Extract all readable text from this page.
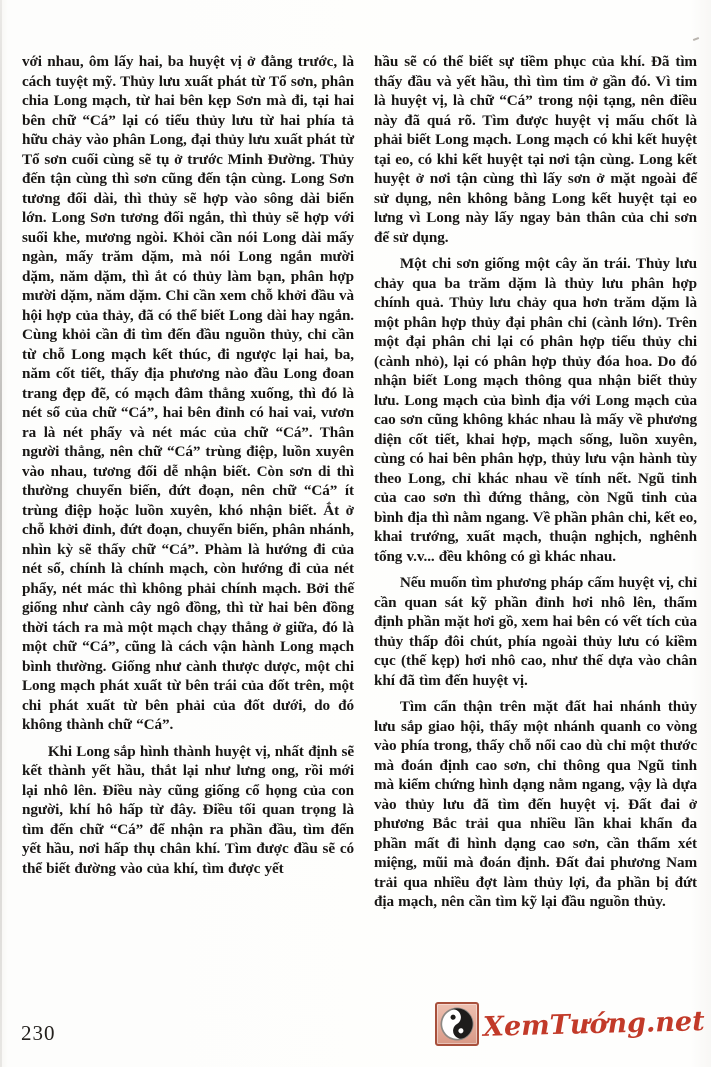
với nhau, ôm lấy hai, ba huyệt vị ở đằng trước, là cách tuyệt mỹ. Thủy lưu xuất phát từ Tổ sơn, phân chia Long mạch, từ hai bên kẹp Sơn mà đi, tại hai bên chữ “Cá” lại có tiểu thủy lưu từ hai phía tả hữu chảy vào phân Long, đại thủy lưu xuất phát từ Tổ sơn cuối cùng sẽ tụ ở trước Minh Đường. Thủy đến tận cùng thì sơn cũng đến tận cùng. Long Sơn tương đối dài, thì thủy sẽ hợp vào sông dài biển lớn. Long Sơn tương đối ngắn, thì thủy sẽ hợp với suối khe, mương ngòi. Khỏi cần nói Long dài mấy ngàn, mấy trăm dặm, mà nói Long ngắn mười dặm, năm dặm, thì ắt có thủy làm bạn, phân hợp mười dặm, năm dặm. Chỉ cần xem chỗ khởi đầu và hội hợp của thảy, đã có thể biết Long dài hay ngắn. Cùng khỏi cần đi tìm đến đầu nguồn thủy, chỉ cần từ chỗ Long mạch kết thúc, đi ngược lại hai, ba, năm cốt tiết, thấy địa phương nào đầu Long đoan trang đẹp đẽ, có mạch đâm thẳng xuống, thì đó là nét sổ của chữ “Cá”, hai bên đỉnh có hai vai, vươn ra là nét phẩy và nét mác của chữ “Cá”. Thân người thẳng, nên chữ “Cá” trùng điệp, luồn xuyên vào nhau, tương đối dễ nhận biết. Còn sơn di thì thường chuyển biến, đứt đoạn, nên chữ “Cá” ít trùng điệp hoặc luồn xuyên, khó nhận biết. Ắt ở chỗ khởi đỉnh, đứt đoạn, chuyển biến, phân nhánh, nhìn kỳ sẽ thấy chữ “Cá”. Phàm là hướng đi của nét sổ, chính là chính mạch, còn hướng đi của nét phẩy, nét mác thì không phải chính mạch. Bởi thế giống như cành cây ngô đồng, thì từ hai bên đồng thời tách ra mà một mạch chạy thẳng ở giữa, đó là một chữ “Cá”, cũng là cách vận hành Long mạch bình thường. Giống như cành thược dược, một chi Long mạch phát xuất từ bên trái của đốt trên, một chi phát xuất từ bên phải của đốt dưới, do đó không thành chữ “Cá”.

Khi Long sắp hình thành huyệt vị, nhất định sẽ kết thành yết hầu, thắt lại như lưng ong, rồi mới lại nhô lên. Điều này cũng giống cổ họng của con người, khí hô hấp từ đây. Điều tối quan trọng là tìm đến chữ “Cá” để nhận ra phần đầu, tìm đến yết hầu, nơi hấp thụ chân khí. Tìm được đầu sẽ có thể biết đường vào của khí, tìm được yết

hầu sẽ có thể biết sự tiềm phục của khí. Đã tìm thấy đầu và yết hầu, thì tìm tim ở gần đó. Vì tim là huyệt vị, là chữ “Cá” trong nội tạng, nên điều này đã quá rõ. Tìm được huyệt vị mấu chốt là phải biết Long mạch. Long mạch có khi kết huyệt tại eo, có khi kết huyệt tại nơi tận cùng. Long kết huyệt ở nơi tận cùng thì lấy sơn ở mặt ngoài để sử dụng, nên không bằng Long kết huyệt tại eo lưng vì Long này lấy ngay bản thân của chi sơn để sử dụng.

Một chi sơn giống một cây ăn trái. Thủy lưu chảy qua ba trăm dặm là thủy lưu phân hợp chính quả. Thủy lưu chảy qua hơn trăm dặm là một phân hợp thủy đại phân chi (cành lớn). Trên một đại phân chi lại có phân hợp tiểu thủy chi (cành nhỏ), lại có phân hợp thủy đóa hoa. Do đó nhận biết Long mạch thông qua nhận biết thủy lưu. Long mạch của bình địa với Long mạch của cao sơn cũng không khác nhau là mấy về phương diện cốt tiết, khai hợp, mạch sống, luồn xuyên, cùng có hai bên phân hợp, thủy lưu vận hành tùy theo Long, chỉ khác nhau về tính nết. Ngũ tinh của cao sơn thì đứng thẳng, còn Ngũ tinh của bình địa thì nằm ngang. Về phần phân chi, kết eo, khai trướng, xuất mạch, thuận nghịch, nghênh tống v.v... đều không có gì khác nhau.

Nếu muốn tìm phương pháp cấm huyệt vị, chỉ cần quan sát kỹ phần đỉnh hơi nhô lên, thẩm định phần mặt hơi gồ, xem hai bên có vết tích của thủy thấp đôi chút, phía ngoài thủy lưu có kiềm cục (thế kẹp) hơi nhô cao, như thế dựa vào chân khí đã tìm đến huyệt vị.

Tìm cẩn thận trên mặt đất hai nhánh thủy lưu sắp giao hội, thấy một nhánh quanh co vòng vào phía trong, thấy chỗ nổi cao dù chỉ một thước mà đoán định cao sơn, chỉ thông qua Ngũ tinh mà kiểm chứng hình dạng nằm ngang, vậy là dựa vào thủy lưu đã tìm đến huyệt vị. Đất đai ở phương Bắc trải qua nhiều lần khai khẩn đa phần mất đi hình dạng cao sơn, cần thẩm xét miệng, mũi mà đoán định. Đất đai phương Nam trải qua nhiều đợt làm thủy lợi, đa phần bị đứt địa mạch, nên cần tìm kỹ lại đầu nguồn thủy.

230	XemTướng.net
